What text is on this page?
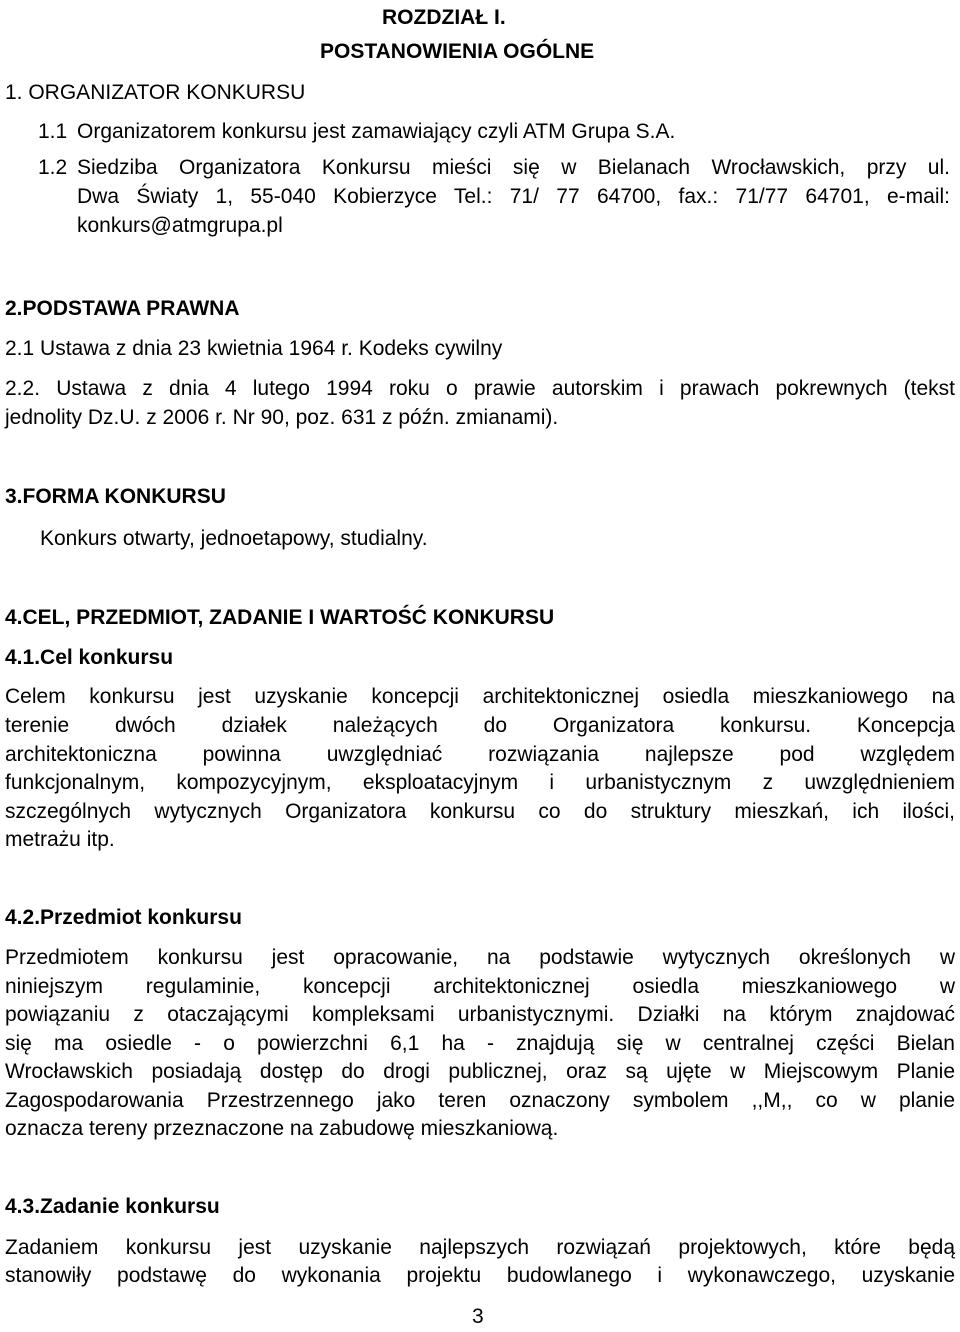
ROZDZIAŁ I.
POSTANOWIENIA OGÓLNE
1. ORGANIZATOR KONKURSU
1.1 Organizatorem konkursu jest zamawiający czyli ATM Grupa S.A.
1.2 Siedziba Organizatora Konkursu mieści się w Bielanach Wrocławskich, przy ul.
Dwa Światy 1, 55-040 Kobierzyce Tel.: 71/ 77 64700, fax.: 71/77 64701, e-mail:
konkurs@atmgrupa.pl
2.PODSTAWA PRAWNA
2.1 Ustawa z dnia 23 kwietnia 1964 r. Kodeks cywilny
2.2. Ustawa z dnia 4 lutego 1994 roku o prawie autorskim i prawach pokrewnych (tekst
jednolity Dz.U. z 2006 r. Nr 90, poz. 631 z późn. zmianami).
3.FORMA KONKURSU
Konkurs otwarty, jednoetapowy, studialny.
4.CEL, PRZEDMIOT, ZADANIE I WARTOŚĆ KONKURSU
4.1.Cel konkursu
Celem konkursu jest uzyskanie koncepcji architektonicznej osiedla mieszkaniowego na
terenie dwóch działek należących do Organizatora konkursu. Koncepcja
architektoniczna powinna uwzględniać rozwiązania najlepsze pod względem
funkcjonalnym, kompozycyjnym, eksploatacyjnym i urbanistycznym z uwzględnieniem
szczególnych wytycznych Organizatora konkursu co do struktury mieszkań, ich ilości,
metrażu itp.
4.2.Przedmiot konkursu
Przedmiotem konkursu jest opracowanie, na podstawie wytycznych określonych w
niniejszym regulaminie, koncepcji architektonicznej osiedla mieszkaniowego w
powiązaniu z otaczającymi kompleksami urbanistycznymi. Działki na którym znajdować
się ma osiedle - o powierzchni 6,1 ha - znajdują się w centralnej części Bielan
Wrocławskich posiadają dostęp do drogi publicznej, oraz są ujęte w Miejscowym Planie
Zagospodarowania Przestrzennego jako teren oznaczony symbolem ,,M,, co w planie
oznacza tereny przeznaczone na zabudowę mieszkaniową.
4.3.Zadanie konkursu
Zadaniem konkursu jest uzyskanie najlepszych rozwiązań projektowych, które będą
stanowiły podstawę do wykonania projektu budowlanego i wykonawczego, uzyskanie
3
